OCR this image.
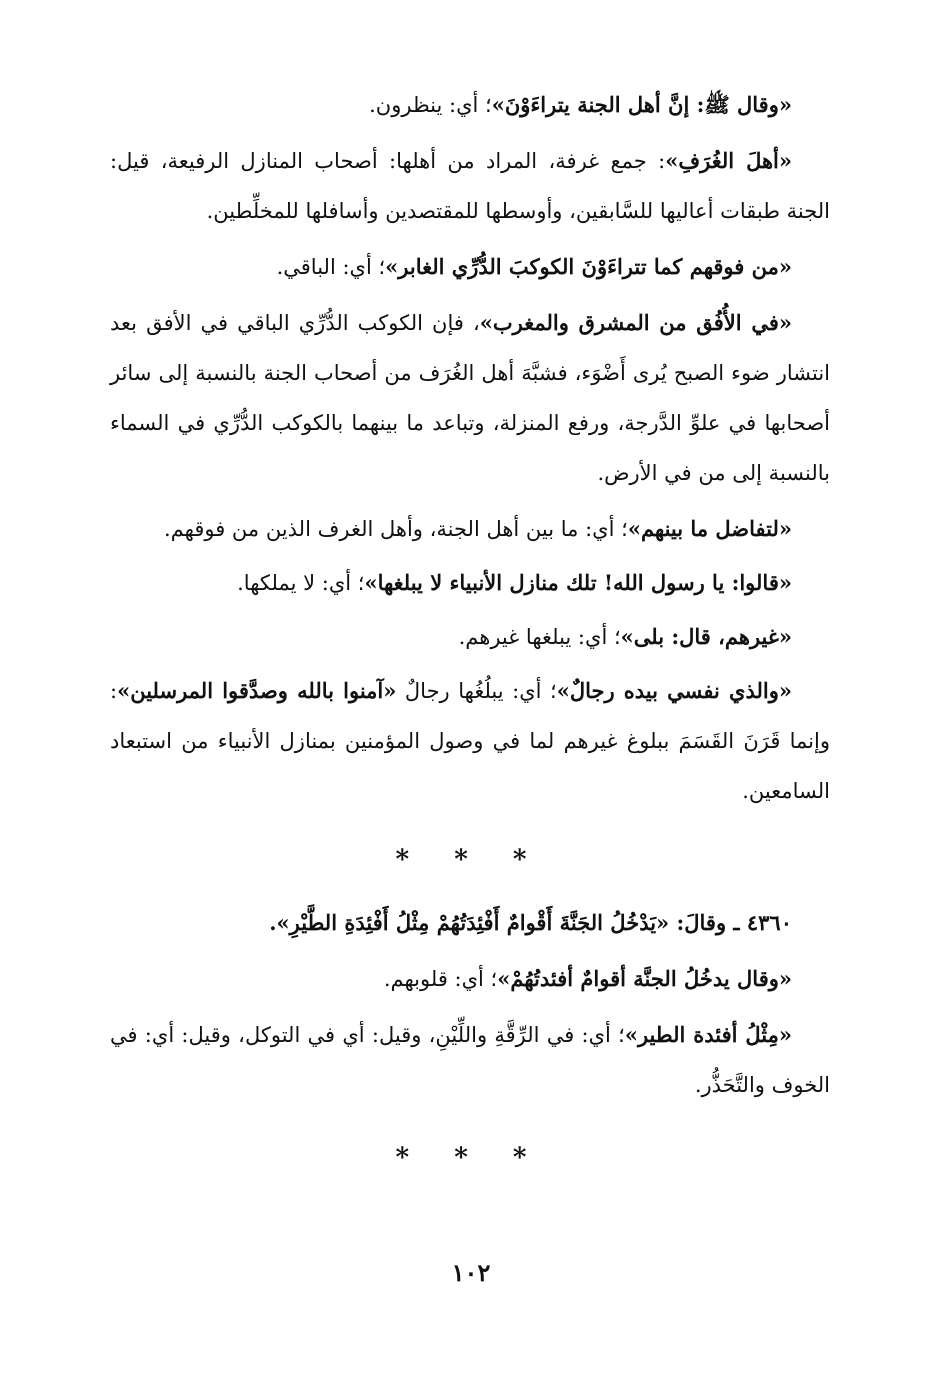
«وقال ﷺ: إنَّ أهل الجنة يتراءَوْنَ»؛ أي: ينظرون.

«أهلَ الغُرَفِ»: جمع غرفة، المراد من أهلها: أصحاب المنازل الرفيعة، قيل: الجنة طبقات أعاليها للسَّابقين، وأوسطها للمقتصدين وأسافلها للمخلِّطين.

«من فوقهم كما تتراءَوْنَ الكوكبَ الدُّرِّي الغابر»؛ أي: الباقي.

«في الأُفُق من المشرق والمغرب»، فإن الكوكب الدُّرِّي الباقي في الأفق بعد انتشار ضوء الصبح يُرى أَضْوَء، فشبَّهَ أهل الغُرَف من أصحاب الجنة بالنسبة إلى سائر أصحابها في علوِّ الدَّرجة، ورفع المنزلة، وتباعد ما بينهما بالكوكب الدُّرِّي في السماء بالنسبة إلى من في الأرض.

«لتفاضل ما بينهم»؛ أي: ما بين أهل الجنة، وأهل الغرف الذين من فوقهم.

«قالوا: يا رسول الله! تلك منازل الأنبياء لا يبلغها»؛ أي: لا يملكها.

«غيرهم، قال: بلى»؛ أي: يبلغها غيرهم.

«والذي نفسي بيده رجالٌ»؛ أي: يبلُغُها رجالٌ «آمنوا بالله وصدَّقوا المرسلين»: وإنما قَرَنَ القَسَمَ ببلوغ غيرهم لما في وصول المؤمنين بمنازل الأنبياء من استبعاد السامعين.

* * *

٤٣٦٠ ـ وقالَ: «يَدْخُلُ الجَنَّةَ أَقْوامٌ أَفْئِدَتُهُمْ مِثْلُ أَفْئِدَةِ الطَّيْرِ».

«وقال يدخُلُ الجنَّة أقوامٌ أفئدتُهُمْ»؛ أي: قلوبهم.

«مِثْلُ أفئدة الطير»؛ أي: في الرِّقَّةِ واللِّيْنِ، وقيل: أي في التوكل، وقيل: أي: في الخوف والتَّحَذُّر.

* * *
١٠٢
